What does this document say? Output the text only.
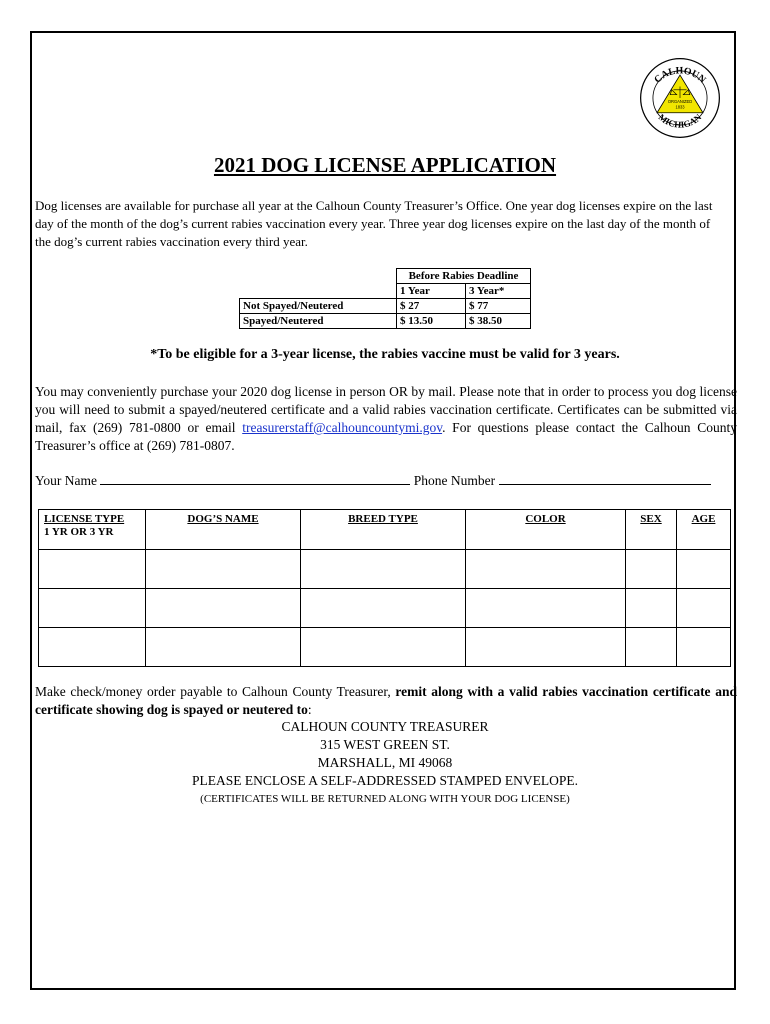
CALHOUN
MICHIGAN
ORGANIZED
1833
2021 DOG LICENSE APPLICATION
Dog licenses are available for purchase all year at the Calhoun County Treasurer’s Office. One year dog licenses expire on the last day of the month of the dog’s current rabies vaccination every year. Three year dog licenses expire on the last day of the month of the dog’s current rabies vaccination every third year.
	Before Rabies Deadline	
	1 Year	3 Year*
Not Spayed/Neutered	$ 27	$ 77
Spayed/Neutered	$ 13.50	$ 38.50
*To be eligible for a 3-year license, the rabies vaccine must be valid for 3 years.
You may conveniently purchase your 2020 dog license in person OR by mail. Please note that in order to process you dog license you will need to submit a spayed/neutered certificate and a valid rabies vaccination certificate. Certificates can be submitted via mail, fax (269) 781-0800 or email treasurerstaff@calhouncountymi.gov. For questions please contact the Calhoun County Treasurer’s office at (269) 781-0807.
Your Name	Phone Number
LICENSE TYPE
1 YR OR 3 YR	DOG’S NAME	BREED TYPE	COLOR	SEX	AGE

Make check/money order payable to Calhoun County Treasurer, remit along with a valid rabies vaccination certificate and certificate showing dog is spayed or neutered to:
CALHOUN COUNTY TREASURER
315 WEST GREEN ST.
MARSHALL, MI 49068
PLEASE ENCLOSE A SELF-ADDRESSED STAMPED ENVELOPE.
(CERTIFICATES WILL BE RETURNED ALONG WITH YOUR DOG LICENSE)
